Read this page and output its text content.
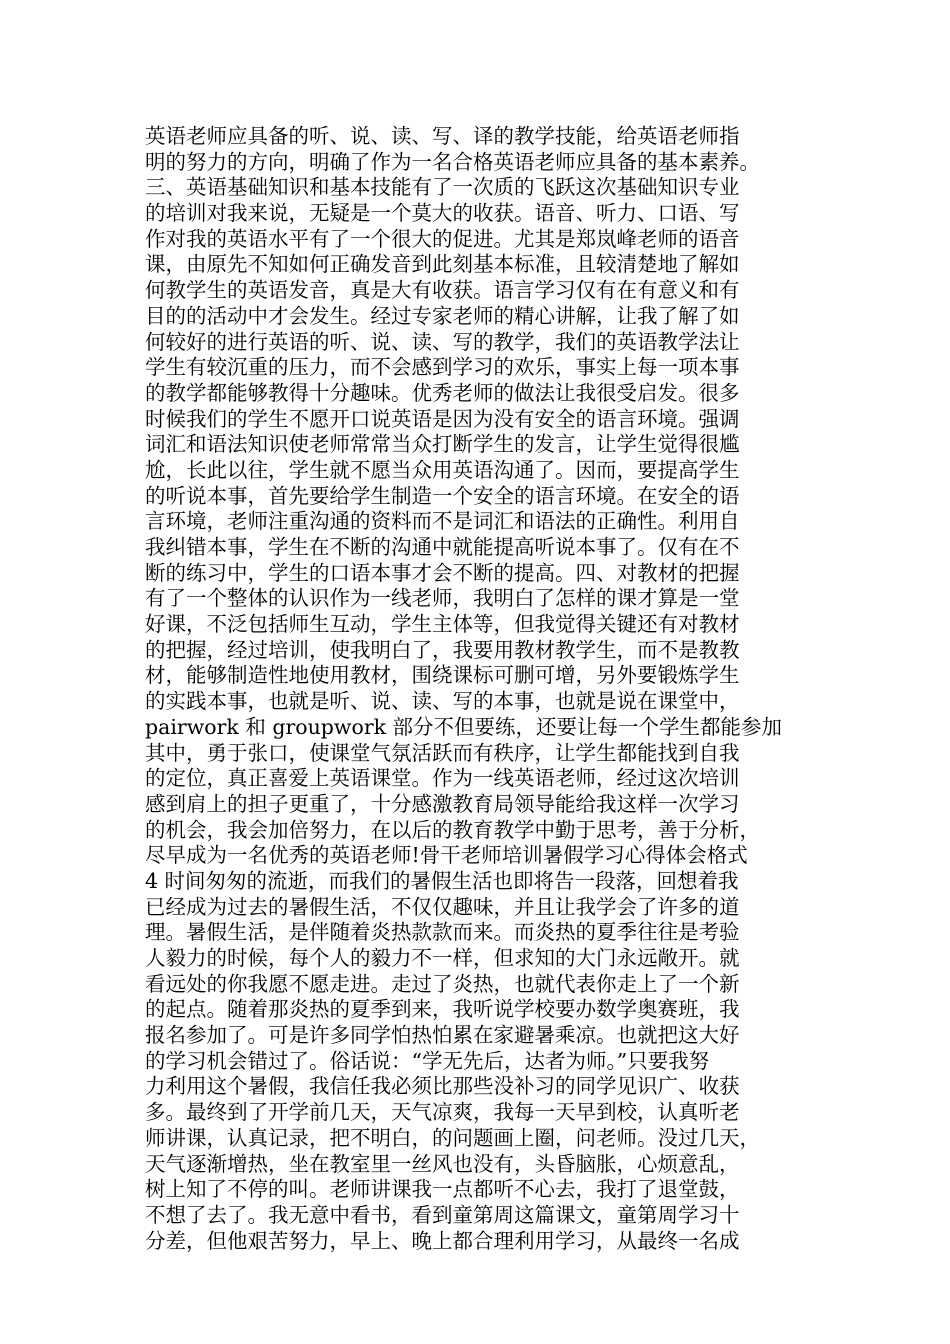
英语老师应具备的听、说、读、写、译的教学技能，给英语老师指
明的努力的方向，明确了作为一名合格英语老师应具备的基本素养。
三、英语基础知识和基本技能有了一次质的飞跃这次基础知识专业
的培训对我来说，无疑是一个莫大的收获。语音、听力、口语、写
作对我的英语水平有了一个很大的促进。尤其是郑岚峰老师的语音
课，由原先不知如何正确发音到此刻基本标准，且较清楚地了解如
何教学生的英语发音，真是大有收获。语言学习仅有在有意义和有
目的的活动中才会发生。经过专家老师的精心讲解，让我了解了如
何较好的进行英语的听、说、读、写的教学，我们的英语教学法让
学生有较沉重的压力，而不会感到学习的欢乐，事实上每一项本事
的教学都能够教得十分趣味。优秀老师的做法让我很受启发。很多
时候我们的学生不愿开口说英语是因为没有安全的语言环境。强调
词汇和语法知识使老师常常当众打断学生的发言，让学生觉得很尴
尬，长此以往，学生就不愿当众用英语沟通了。因而，要提高学生
的听说本事，首先要给学生制造一个安全的语言环境。在安全的语
言环境，老师注重沟通的资料而不是词汇和语法的正确性。利用自
我纠错本事，学生在不断的沟通中就能提高听说本事了。仅有在不
断的练习中，学生的口语本事才会不断的提高。四、对教材的把握
有了一个整体的认识作为一线老师，我明白了怎样的课才算是一堂
好课，不泛包括师生互动，学生主体等，但我觉得关键还有对教材
的把握，经过培训，使我明白了，我要用教材教学生，而不是教教
材，能够制造性地使用教材，围绕课标可删可增，另外要锻炼学生
的实践本事，也就是听、说、读、写的本事，也就是说在课堂中，
pairwork 和 groupwork 部分不但要练，还要让每一个学生都能参加
其中，勇于张口，使课堂气氛活跃而有秩序，让学生都能找到自我
的定位，真正喜爱上英语课堂。作为一线英语老师，经过这次培训
感到肩上的担子更重了，十分感激教育局领导能给我这样一次学习
的机会，我会加倍努力，在以后的教育教学中勤于思考，善于分析，
尽早成为一名优秀的英语老师!骨干老师培训暑假学习心得体会格式
4 时间匆匆的流逝，而我们的暑假生活也即将告一段落，回想着我
已经成为过去的暑假生活，不仅仅趣味，并且让我学会了许多的道
理。暑假生活，是伴随着炎热款款而来。而炎热的夏季往往是考验
人毅力的时候，每个人的毅力不一样，但求知的大门永远敞开。就
看远处的你我愿不愿走进。走过了炎热，也就代表你走上了一个新
的起点。随着那炎热的夏季到来，我听说学校要办数学奥赛班，我
报名参加了。可是许多同学怕热怕累在家避暑乘凉。也就把这大好
的学习机会错过了。俗话说：“学无先后，达者为师。”只要我努
力利用这个暑假，我信任我必须比那些没补习的同学见识广、收获
多。最终到了开学前几天，天气凉爽，我每一天早到校，认真听老
师讲课，认真记录，把不明白，的问题画上圈，问老师。没过几天，
天气逐渐增热，坐在教室里一丝风也没有，头昏脑胀，心烦意乱，
树上知了不停的叫。老师讲课我一点都听不心去，我打了退堂鼓，
不想了去了。我无意中看书，看到童第周这篇课文，童第周学习十
分差，但他艰苦努力，早上、晚上都合理利用学习，从最终一名成
